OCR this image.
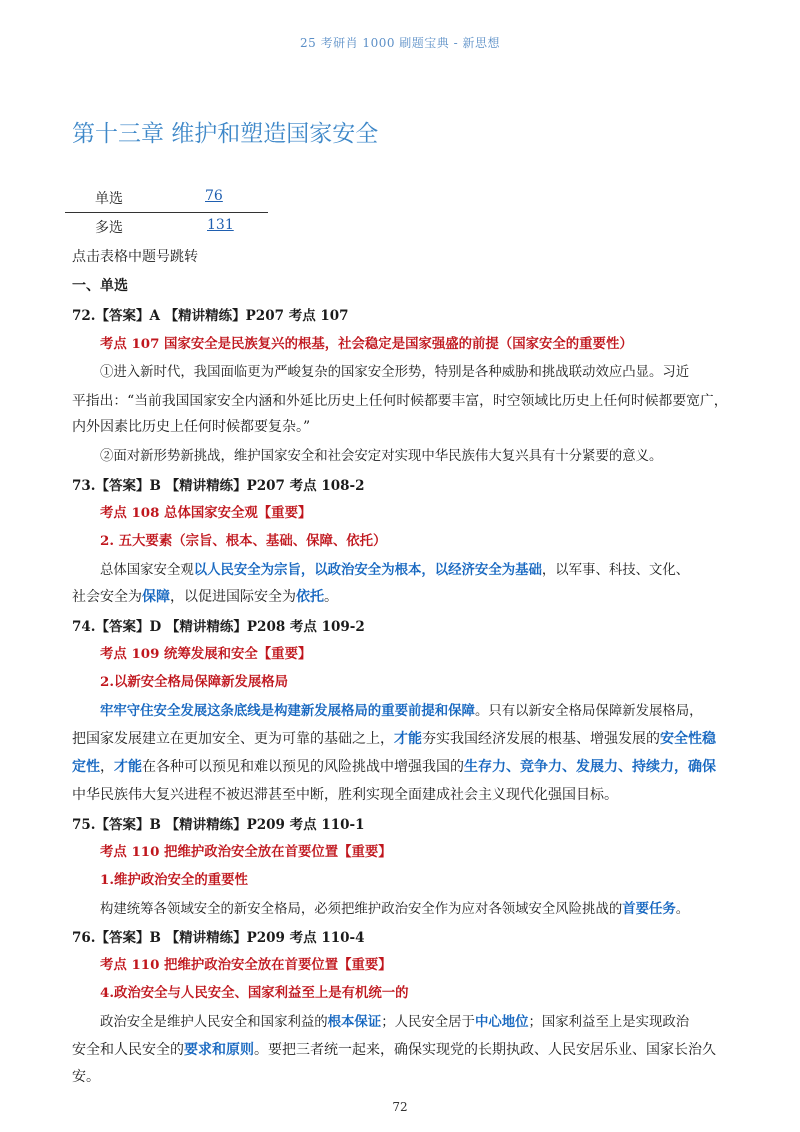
25 考研肖 1000 刷题宝典 - 新思想
第十三章 维护和塑造国家安全
单选	76
多选	131
点击表格中题号跳转
一、单选
72.【答案】A 【精讲精练】P207 考点 107
考点 107 国家安全是民族复兴的根基，社会稳定是国家强盛的前提（国家安全的重要性）
①进入新时代，我国面临更为严峻复杂的国家安全形势，特别是各种威胁和挑战联动效应凸显。习近
平指出：“当前我国国家安全内涵和外延比历史上任何时候都要丰富，时空领域比历史上任何时候都要宽广，
内外因素比历史上任何时候都要复杂。”
②面对新形势新挑战，维护国家安全和社会安定对实现中华民族伟大复兴具有十分紧要的意义。
73.【答案】B 【精讲精练】P207 考点 108-2
考点 108 总体国家安全观【重要】
2. 五大要素（宗旨、根本、基础、保障、依托）
总体国家安全观以人民安全为宗旨，以政治安全为根本，以经济安全为基础，以军事、科技、文化、
社会安全为保障，以促进国际安全为依托。
74.【答案】D 【精讲精练】P208 考点 109-2
考点 109 统筹发展和安全【重要】
2.以新安全格局保障新发展格局
牢牢守住安全发展这条底线是构建新发展格局的重要前提和保障。只有以新安全格局保障新发展格局，
把国家发展建立在更加安全、更为可靠的基础之上，才能夯实我国经济发展的根基、增强发展的安全性稳
定性，才能在各种可以预见和难以预见的风险挑战中增强我国的生存力、竞争力、发展力、持续力，确保
中华民族伟大复兴进程不被迟滞甚至中断，胜利实现全面建成社会主义现代化强国目标。
75.【答案】B 【精讲精练】P209 考点 110-1
考点 110 把维护政治安全放在首要位置【重要】
1.维护政治安全的重要性
构建统筹各领域安全的新安全格局，必须把维护政治安全作为应对各领域安全风险挑战的首要任务。
76.【答案】B 【精讲精练】P209 考点 110-4
考点 110 把维护政治安全放在首要位置【重要】
4.政治安全与人民安全、国家利益至上是有机统一的
政治安全是维护人民安全和国家利益的根本保证；人民安全居于中心地位；国家利益至上是实现政治
安全和人民安全的要求和原则。要把三者统一起来，确保实现党的长期执政、人民安居乐业、国家长治久
安。
72
